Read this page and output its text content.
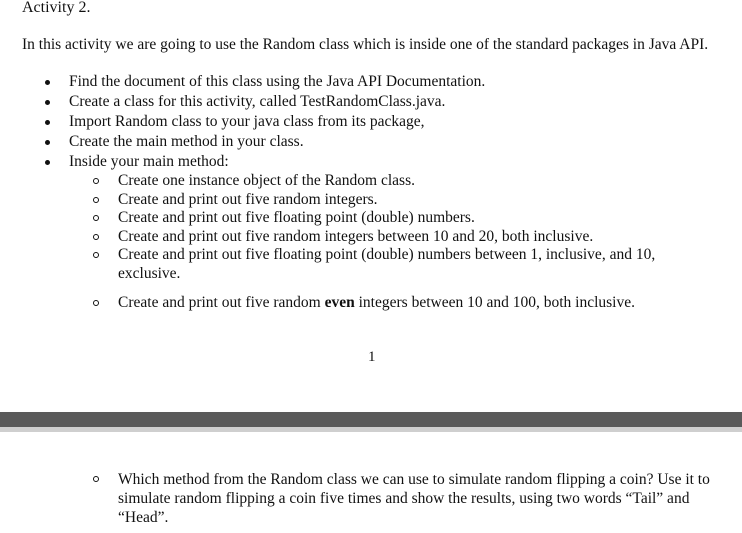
Activity 2.

In this activity we are going to use the Random class which is inside one of the standard packages in Java API.

Find the document of this class using the Java API Documentation.
Create a class for this activity, called TestRandomClass.java.
Import Random class to your java class from its package,
Create the main method in your class.
Inside your main method:
Create one instance object of the Random class.
Create and print out five random integers.
Create and print out five floating point (double) numbers.
Create and print out five random integers between 10 and 20, both inclusive.
Create and print out five floating point (double) numbers between 1, inclusive, and 10, exclusive.
Create and print out five random even integers between 10 and 100, both inclusive.
1
Which method from the Random class we can use to simulate random flipping a coin? Use it to simulate random flipping a coin five times and show the results, using two words “Tail” and “Head”.
